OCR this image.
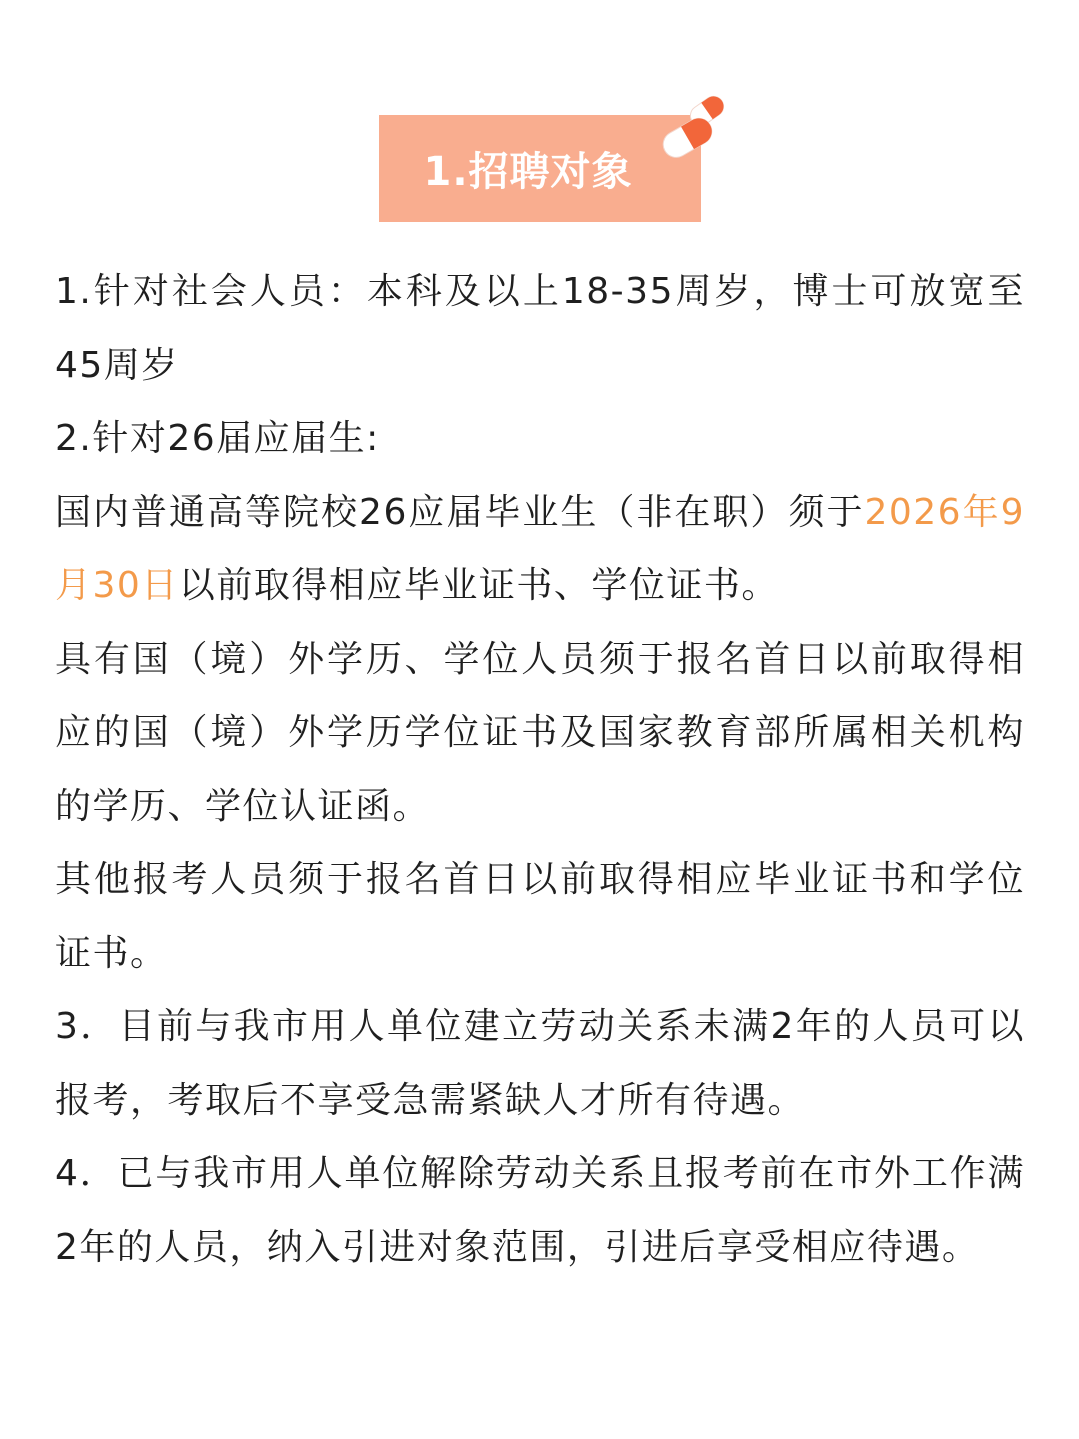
1.招聘对象

1.针对社会人员：本科及以上18-35周岁，博士可放宽至45周岁

2.针对26届应届生:

国内普通高等院校26应届毕业生（非在职）须于2026年9月30日以前取得相应毕业证书、学位证书。

具有国（境）外学历、学位人员须于报名首日以前取得相应的国（境）外学历学位证书及国家教育部所属相关机构的学历、学位认证函。

其他报考人员须于报名首日以前取得相应毕业证书和学位证书。

3．目前与我市用人单位建立劳动关系未满2年的人员可以报考，考取后不享受急需紧缺人才所有待遇。

4．已与我市用人单位解除劳动关系且报考前在市外工作满2年的人员，纳入引进对象范围，引进后享受相应待遇。
